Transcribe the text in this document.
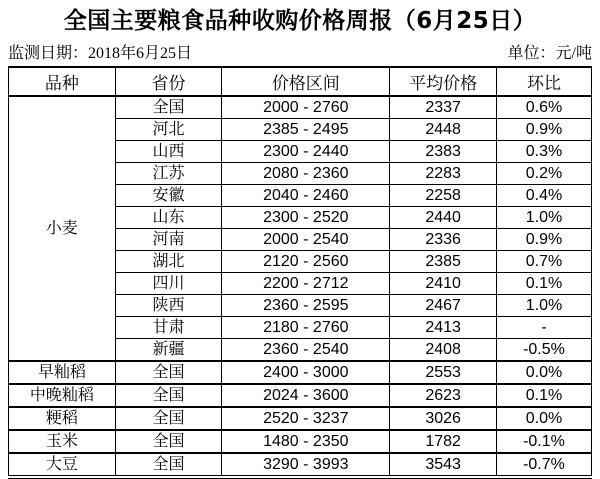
全国主要粮食品种收购价格周报（6月25日）
监测日期：2018年6月25日	单位：元/吨
品种	省份	价格区间	平均价格	环比
小麦	全国	2000 - 2760	2337	0.6%
	河北	2385 - 2495	2448	0.9%
	山西	2300 - 2440	2383	0.3%
	江苏	2080 - 2360	2283	0.2%
	安徽	2040 - 2460	2258	0.4%
	山东	2300 - 2520	2440	1.0%
	河南	2000 - 2540	2336	0.9%
	湖北	2120 - 2560	2385	0.7%
	四川	2200 - 2712	2410	0.1%
	陕西	2360 - 2595	2467	1.0%
	甘肃	2180 - 2760	2413	-
	新疆	2360 - 2540	2408	-0.5%
早籼稻	全国	2400 - 3000	2553	0.0%
中晚籼稻	全国	2024 - 3600	2623	0.1%
粳稻	全国	2520 - 3237	3026	0.0%
玉米	全国	1480 - 2350	1782	-0.1%
大豆	全国	3290 - 3993	3543	-0.7%
